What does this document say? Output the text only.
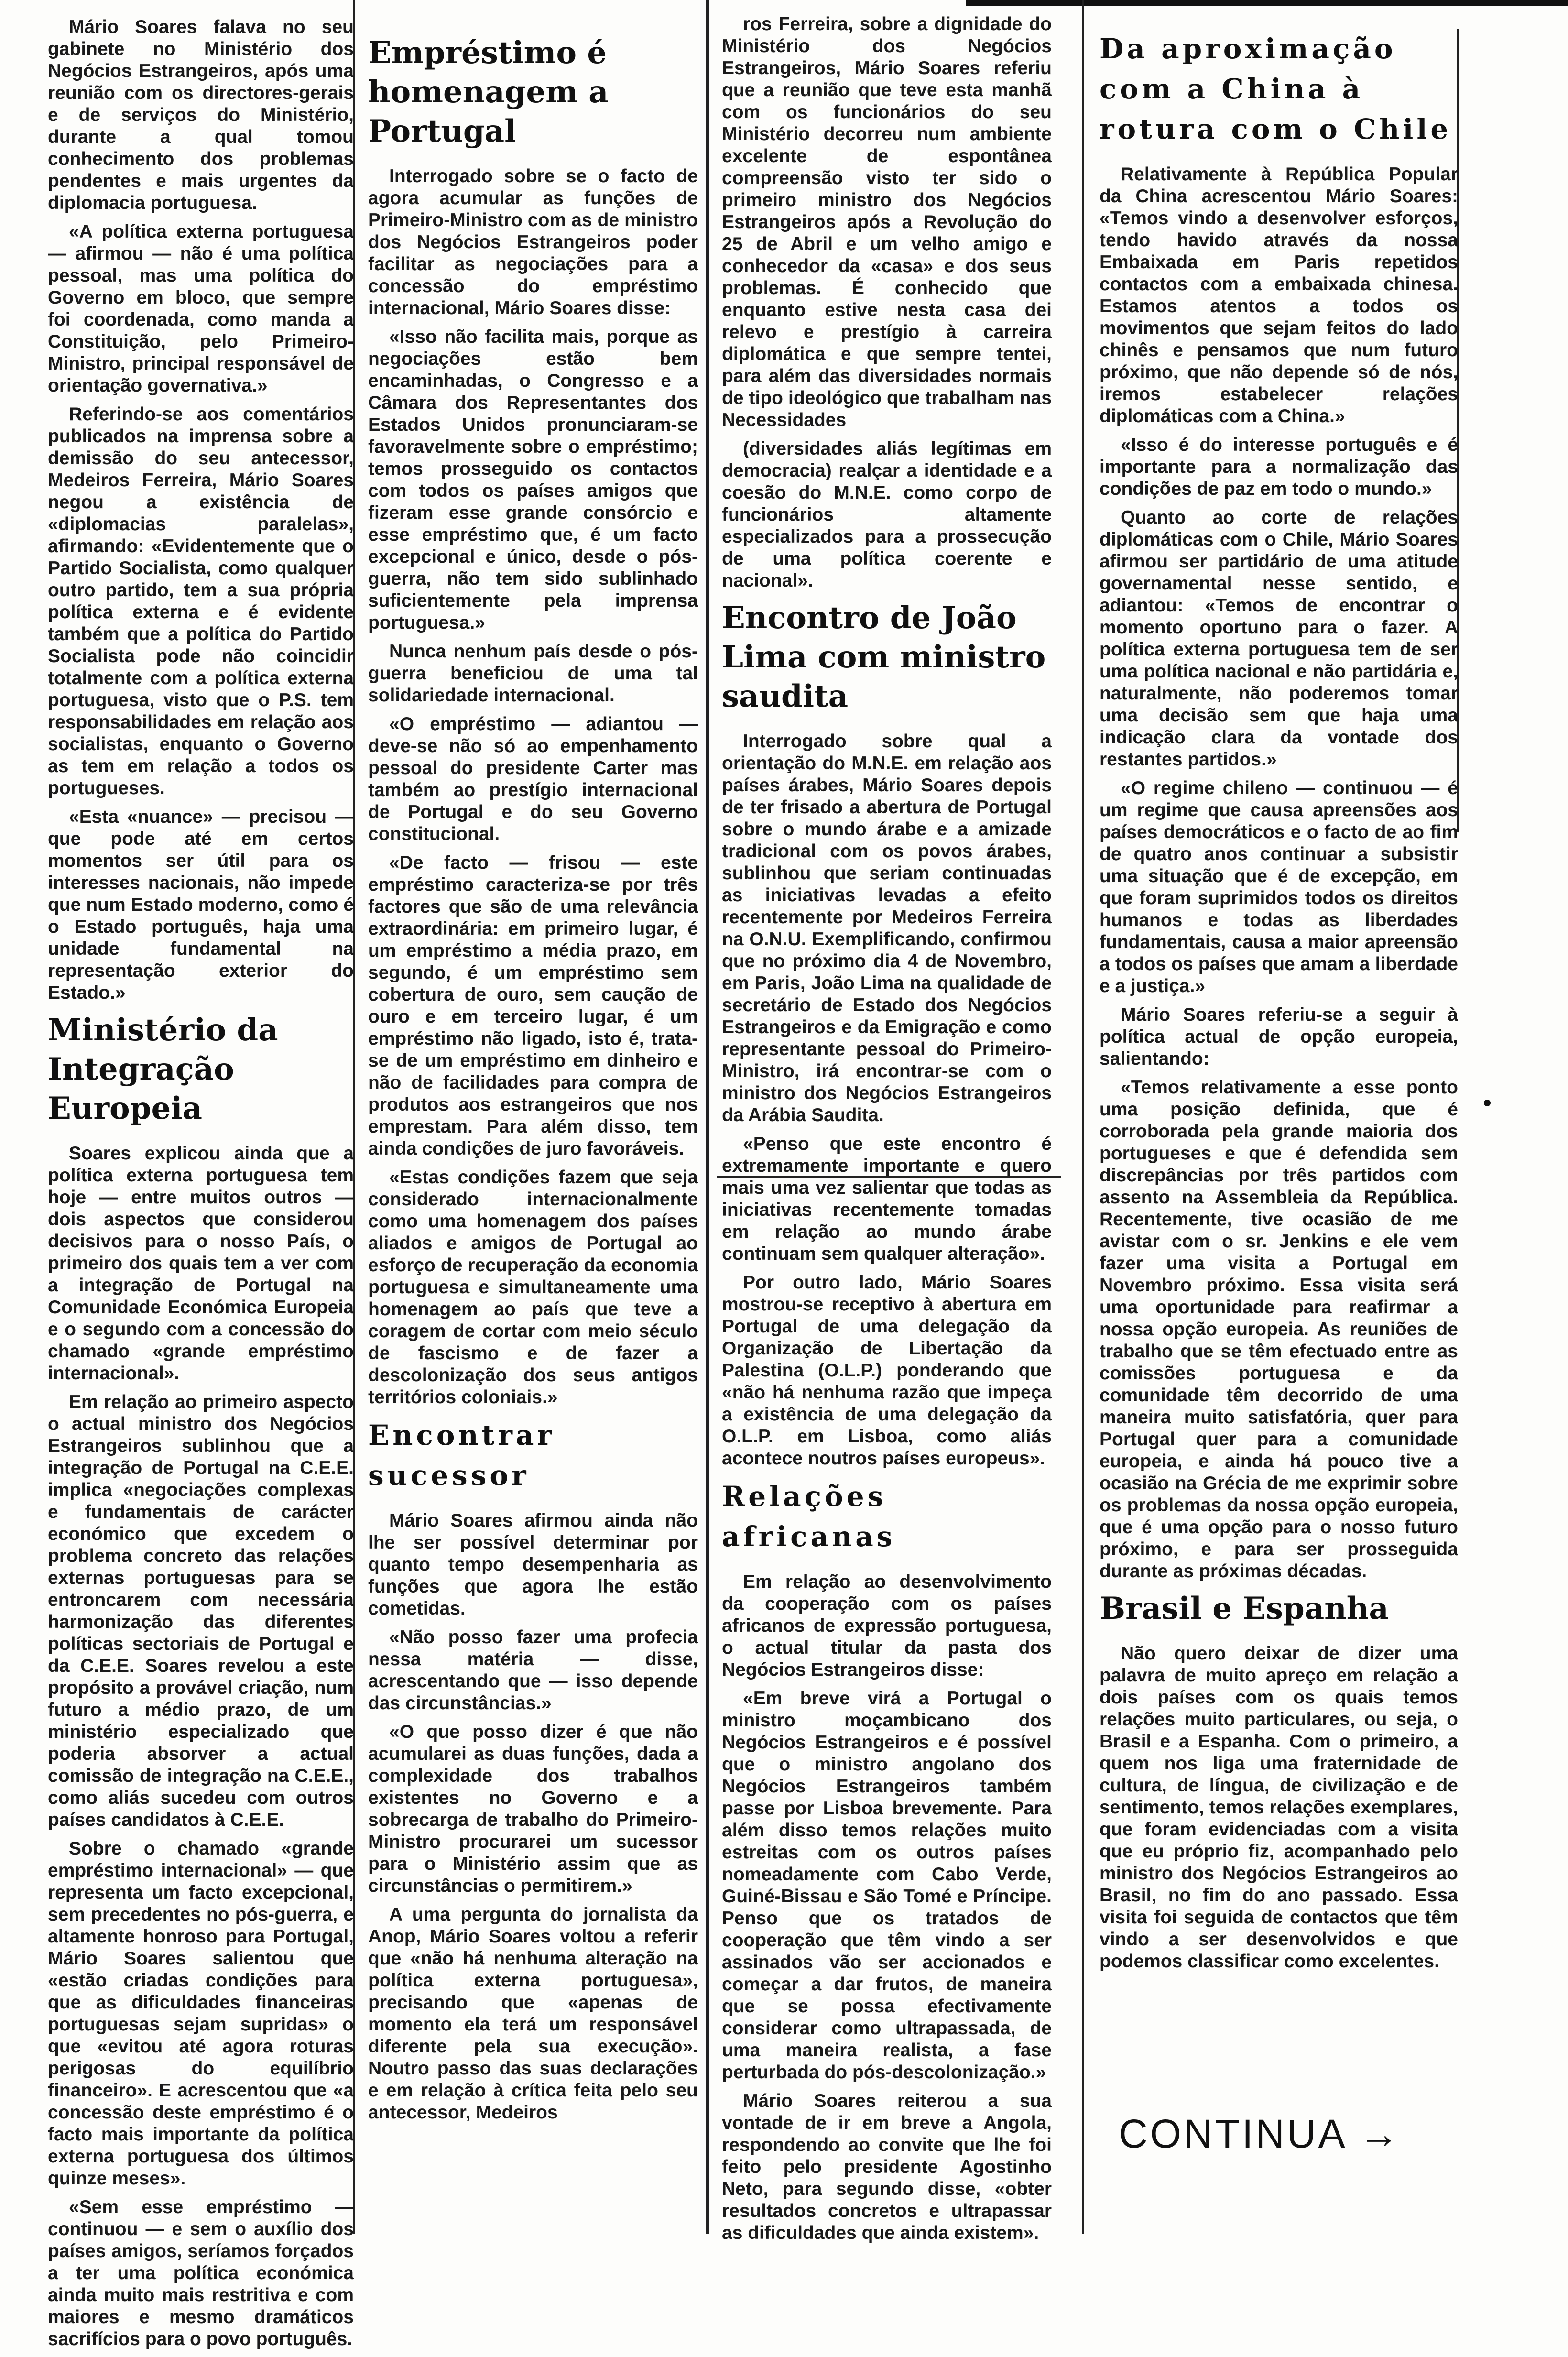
Mário Soares falava no seu gabinete no Ministério dos Negócios Estrangeiros, após uma reunião com os directores-gerais e de serviços do Ministério, durante a qual tomou conhecimento dos problemas pendentes e mais urgentes da diplomacia portuguesa.

«A política externa portuguesa — afirmou — não é uma política pessoal, mas uma política do Governo em bloco, que sempre foi coordenada, como manda a Constituição, pelo Primeiro-Ministro, principal responsável de orientação governativa.»

Referindo-se aos comentários publicados na imprensa sobre a demissão do seu antecessor, Medeiros Ferreira, Mário Soares negou a existência de «diplomacias paralelas», afirmando: «Evidentemente que o Partido Socialista, como qualquer outro partido, tem a sua própria política externa e é evidente também que a política do Partido Socialista pode não coincidir totalmente com a política externa portuguesa, visto que o P.S. tem responsabilidades em relação aos socialistas, enquanto o Governo as tem em relação a todos os portugueses.

«Esta «nuance» — precisou — que pode até em certos momentos ser útil para os interesses nacionais, não impede que num Estado moderno, como é o Estado português, haja uma unidade fundamental na representação exterior do Estado.»

Ministério da Integração Europeia

Soares explicou ainda que a política externa portuguesa tem hoje — entre muitos outros — dois aspectos que considerou decisivos para o nosso País, o primeiro dos quais tem a ver com a integração de Portugal na Comunidade Económica Europeia e o segundo com a concessão do chamado «grande empréstimo internacional».

Em relação ao primeiro aspecto o actual ministro dos Negócios Estrangeiros sublinhou que a integração de Portugal na C.E.E. implica «negociações complexas e fundamentais de carácter económico que excedem o problema concreto das relações externas portuguesas para se entroncarem com necessária harmonização das diferentes políticas sectoriais de Portugal e da C.E.E. Soares revelou a este propósito a provável criação, num futuro a médio prazo, de um ministério especializado que poderia absorver a actual comissão de integração na C.E.E., como aliás sucedeu com outros países candidatos à C.E.E.

Sobre o chamado «grande empréstimo internacional» — que representa um facto excepcional, sem precedentes no pós-guerra, e altamente honroso para Portugal, Mário Soares salientou que «estão criadas condições para que as dificuldades financeiras portuguesas sejam supridas» o que «evitou até agora roturas perigosas do equilíbrio financeiro». E acrescentou que «a concessão deste empréstimo é o facto mais importante da política externa portuguesa dos últimos quinze meses».

«Sem esse empréstimo — continuou — e sem o auxílio dos países amigos, seríamos forçados a ter uma política económica ainda muito mais restritiva e com maiores e mesmo dramáticos sacrifícios para o povo português.

Empréstimo é homenagem a Portugal

Interrogado sobre se o facto de agora acumular as funções de Primeiro-Ministro com as de ministro dos Negócios Estrangeiros poder facilitar as negociações para a concessão do empréstimo internacional, Mário Soares disse:

«Isso não facilita mais, porque as negociações estão bem encaminhadas, o Congresso e a Câmara dos Representantes dos Estados Unidos pronunciaram-se favoravelmente sobre o empréstimo; temos prosseguido os contactos com todos os países amigos que fizeram esse grande consórcio e esse empréstimo que, é um facto excepcional e único, desde o pós-guerra, não tem sido sublinhado suficientemente pela imprensa portuguesa.»

Nunca nenhum país desde o pós-guerra beneficiou de uma tal solidariedade internacional.

«O empréstimo — adiantou — deve-se não só ao empenhamento pessoal do presidente Carter mas também ao prestígio internacional de Portugal e do seu Governo constitucional.

«De facto — frisou — este empréstimo caracteriza-se por três factores que são de uma relevância extraordinária: em primeiro lugar, é um empréstimo a média prazo, em segundo, é um empréstimo sem cobertura de ouro, sem caução de ouro e em terceiro lugar, é um empréstimo não ligado, isto é, trata-se de um empréstimo em dinheiro e não de facilidades para compra de produtos aos estrangeiros que nos emprestam. Para além disso, tem ainda condições de juro favoráveis.

«Estas condições fazem que seja considerado internacionalmente como uma homenagem dos países aliados e amigos de Portugal ao esforço de recuperação da economia portuguesa e simultaneamente uma homenagem ao país que teve a coragem de cortar com meio século de fascismo e de fazer a descolonização dos seus antigos territórios coloniais.»

Encontrar sucessor

Mário Soares afirmou ainda não lhe ser possível determinar por quanto tempo desempenharia as funções que agora lhe estão cometidas.

«Não posso fazer uma profecia nessa matéria — disse, acrescentando que — isso depende das circunstâncias.»

«O que posso dizer é que não acumularei as duas funções, dada a complexidade dos trabalhos existentes no Governo e a sobrecarga de trabalho do Primeiro-Ministro procurarei um sucessor para o Ministério assim que as circunstâncias o permitirem.»

A uma pergunta do jornalista da Anop, Mário Soares voltou a referir que «não há nenhuma alteração na política externa portuguesa», precisando que «apenas de momento ela terá um responsável diferente pela sua execução». Noutro passo das suas declarações e em relação à crítica feita pelo seu antecessor, Medeiros

ros Ferreira, sobre a dignidade do Ministério dos Negócios Estrangeiros, Mário Soares referiu que a reunião que teve esta manhã com os funcionários do seu Ministério decorreu num ambiente excelente de espontânea compreensão visto ter sido o primeiro ministro dos Negócios Estrangeiros após a Revolução do 25 de Abril e um velho amigo e conhecedor da «casa» e dos seus problemas. É conhecido que enquanto estive nesta casa dei relevo e prestígio à carreira diplomática e que sempre tentei, para além das diversidades normais de tipo ideológico que trabalham nas Necessidades

(diversidades aliás legítimas em democracia) realçar a identidade e a coesão do M.N.E. como corpo de funcionários altamente especializados para a prossecução de uma política coerente e nacional».

Encontro de João Lima com ministro saudita

Interrogado sobre qual a orientação do M.N.E. em relação aos países árabes, Mário Soares depois de ter frisado a abertura de Portugal sobre o mundo árabe e a amizade tradicional com os povos árabes, sublinhou que seriam continuadas as iniciativas levadas a efeito recentemente por Medeiros Ferreira na O.N.U. Exemplificando, confirmou que no próximo dia 4 de Novembro, em Paris, João Lima na qualidade de secretário de Estado dos Negócios Estrangeiros e da Emigração e como representante pessoal do Primeiro-Ministro, irá encontrar-se com o ministro dos Negócios Estrangeiros da Arábia Saudita.

«Penso que este encontro é extremamente importante e quero mais uma vez salientar que todas as iniciativas recentemente tomadas em relação ao mundo árabe continuam sem qualquer alteração».

Por outro lado, Mário Soares mostrou-se receptivo à abertura em Portugal de uma delegação da Organização de Libertação da Palestina (O.L.P.) ponderando que «não há nenhuma razão que impeça a existência de uma delegação da O.L.P. em Lisboa, como aliás acontece noutros países europeus».

Relações africanas

Em relação ao desenvolvimento da cooperação com os países africanos de expressão portuguesa, o actual titular da pasta dos Negócios Estrangeiros disse:

«Em breve virá a Portugal o ministro moçambicano dos Negócios Estrangeiros e é possível que o ministro angolano dos Negócios Estrangeiros também passe por Lisboa brevemente. Para além disso temos relações muito estreitas com os outros países nomeadamente com Cabo Verde, Guiné-Bissau e São Tomé e Príncipe. Penso que os tratados de cooperação que têm vindo a ser assinados vão ser accionados e começar a dar frutos, de maneira que se possa efectivamente considerar como ultrapassada, de uma maneira realista, a fase perturbada do pós-descolonização.»

Mário Soares reiterou a sua vontade de ir em breve a Angola, respondendo ao convite que lhe foi feito pelo presidente Agostinho Neto, para segundo disse, «obter resultados concretos e ultrapassar as dificuldades que ainda existem».

Da aproximação com a China à rotura com o Chile

Relativamente à República Popular da China acrescentou Mário Soares: «Temos vindo a desenvolver esforços, tendo havido através da nossa Embaixada em Paris repetidos contactos com a embaixada chinesa. Estamos atentos a todos os movimentos que sejam feitos do lado chinês e pensamos que num futuro próximo, que não depende só de nós, iremos estabelecer relações diplomáticas com a China.»

«Isso é do interesse português e é importante para a normalização das condições de paz em todo o mundo.»

Quanto ao corte de relações diplomáticas com o Chile, Mário Soares afirmou ser partidário de uma atitude governamental nesse sentido, e adiantou: «Temos de encontrar o momento oportuno para o fazer. A política externa portuguesa tem de ser uma política nacional e não partidária e, naturalmente, não poderemos tomar uma decisão sem que haja uma indicação clara da vontade dos restantes partidos.»

«O regime chileno — continuou — é um regime que causa apreensões aos países democráticos e o facto de ao fim de quatro anos continuar a subsistir uma situação que é de excepção, em que foram suprimidos todos os direitos humanos e todas as liberdades fundamentais, causa a maior apreensão a todos os países que amam a liberdade e a justiça.»

Mário Soares referiu-se a seguir à política actual de opção europeia, salientando:

«Temos relativamente a esse ponto uma posição definida, que é corroborada pela grande maioria dos portugueses e que é defendida sem discrepâncias por três partidos com assento na Assembleia da República. Recentemente, tive ocasião de me avistar com o sr. Jenkins e ele vem fazer uma visita a Portugal em Novembro próximo. Essa visita será uma oportunidade para reafirmar a nossa opção europeia. As reuniões de trabalho que se têm efectuado entre as comissões portuguesa e da comunidade têm decorrido de uma maneira muito satisfatória, quer para Portugal quer para a comunidade europeia, e ainda há pouco tive a ocasião na Grécia de me exprimir sobre os problemas da nossa opção europeia, que é uma opção para o nosso futuro próximo, e para ser prosseguida durante as próximas décadas.

Brasil e Espanha

Não quero deixar de dizer uma palavra de muito apreço em relação a dois países com os quais temos relações muito particulares, ou seja, o Brasil e a Espanha. Com o primeiro, a quem nos liga uma fraternidade de cultura, de língua, de civilização e de sentimento, temos relações exemplares, que foram evidenciadas com a visita que eu próprio fiz, acompanhado pelo ministro dos Negócios Estrangeiros ao Brasil, no fim do ano passado. Essa visita foi seguida de contactos que têm vindo a ser desenvolvidos e que podemos classificar como excelentes.

CONTINUA →
